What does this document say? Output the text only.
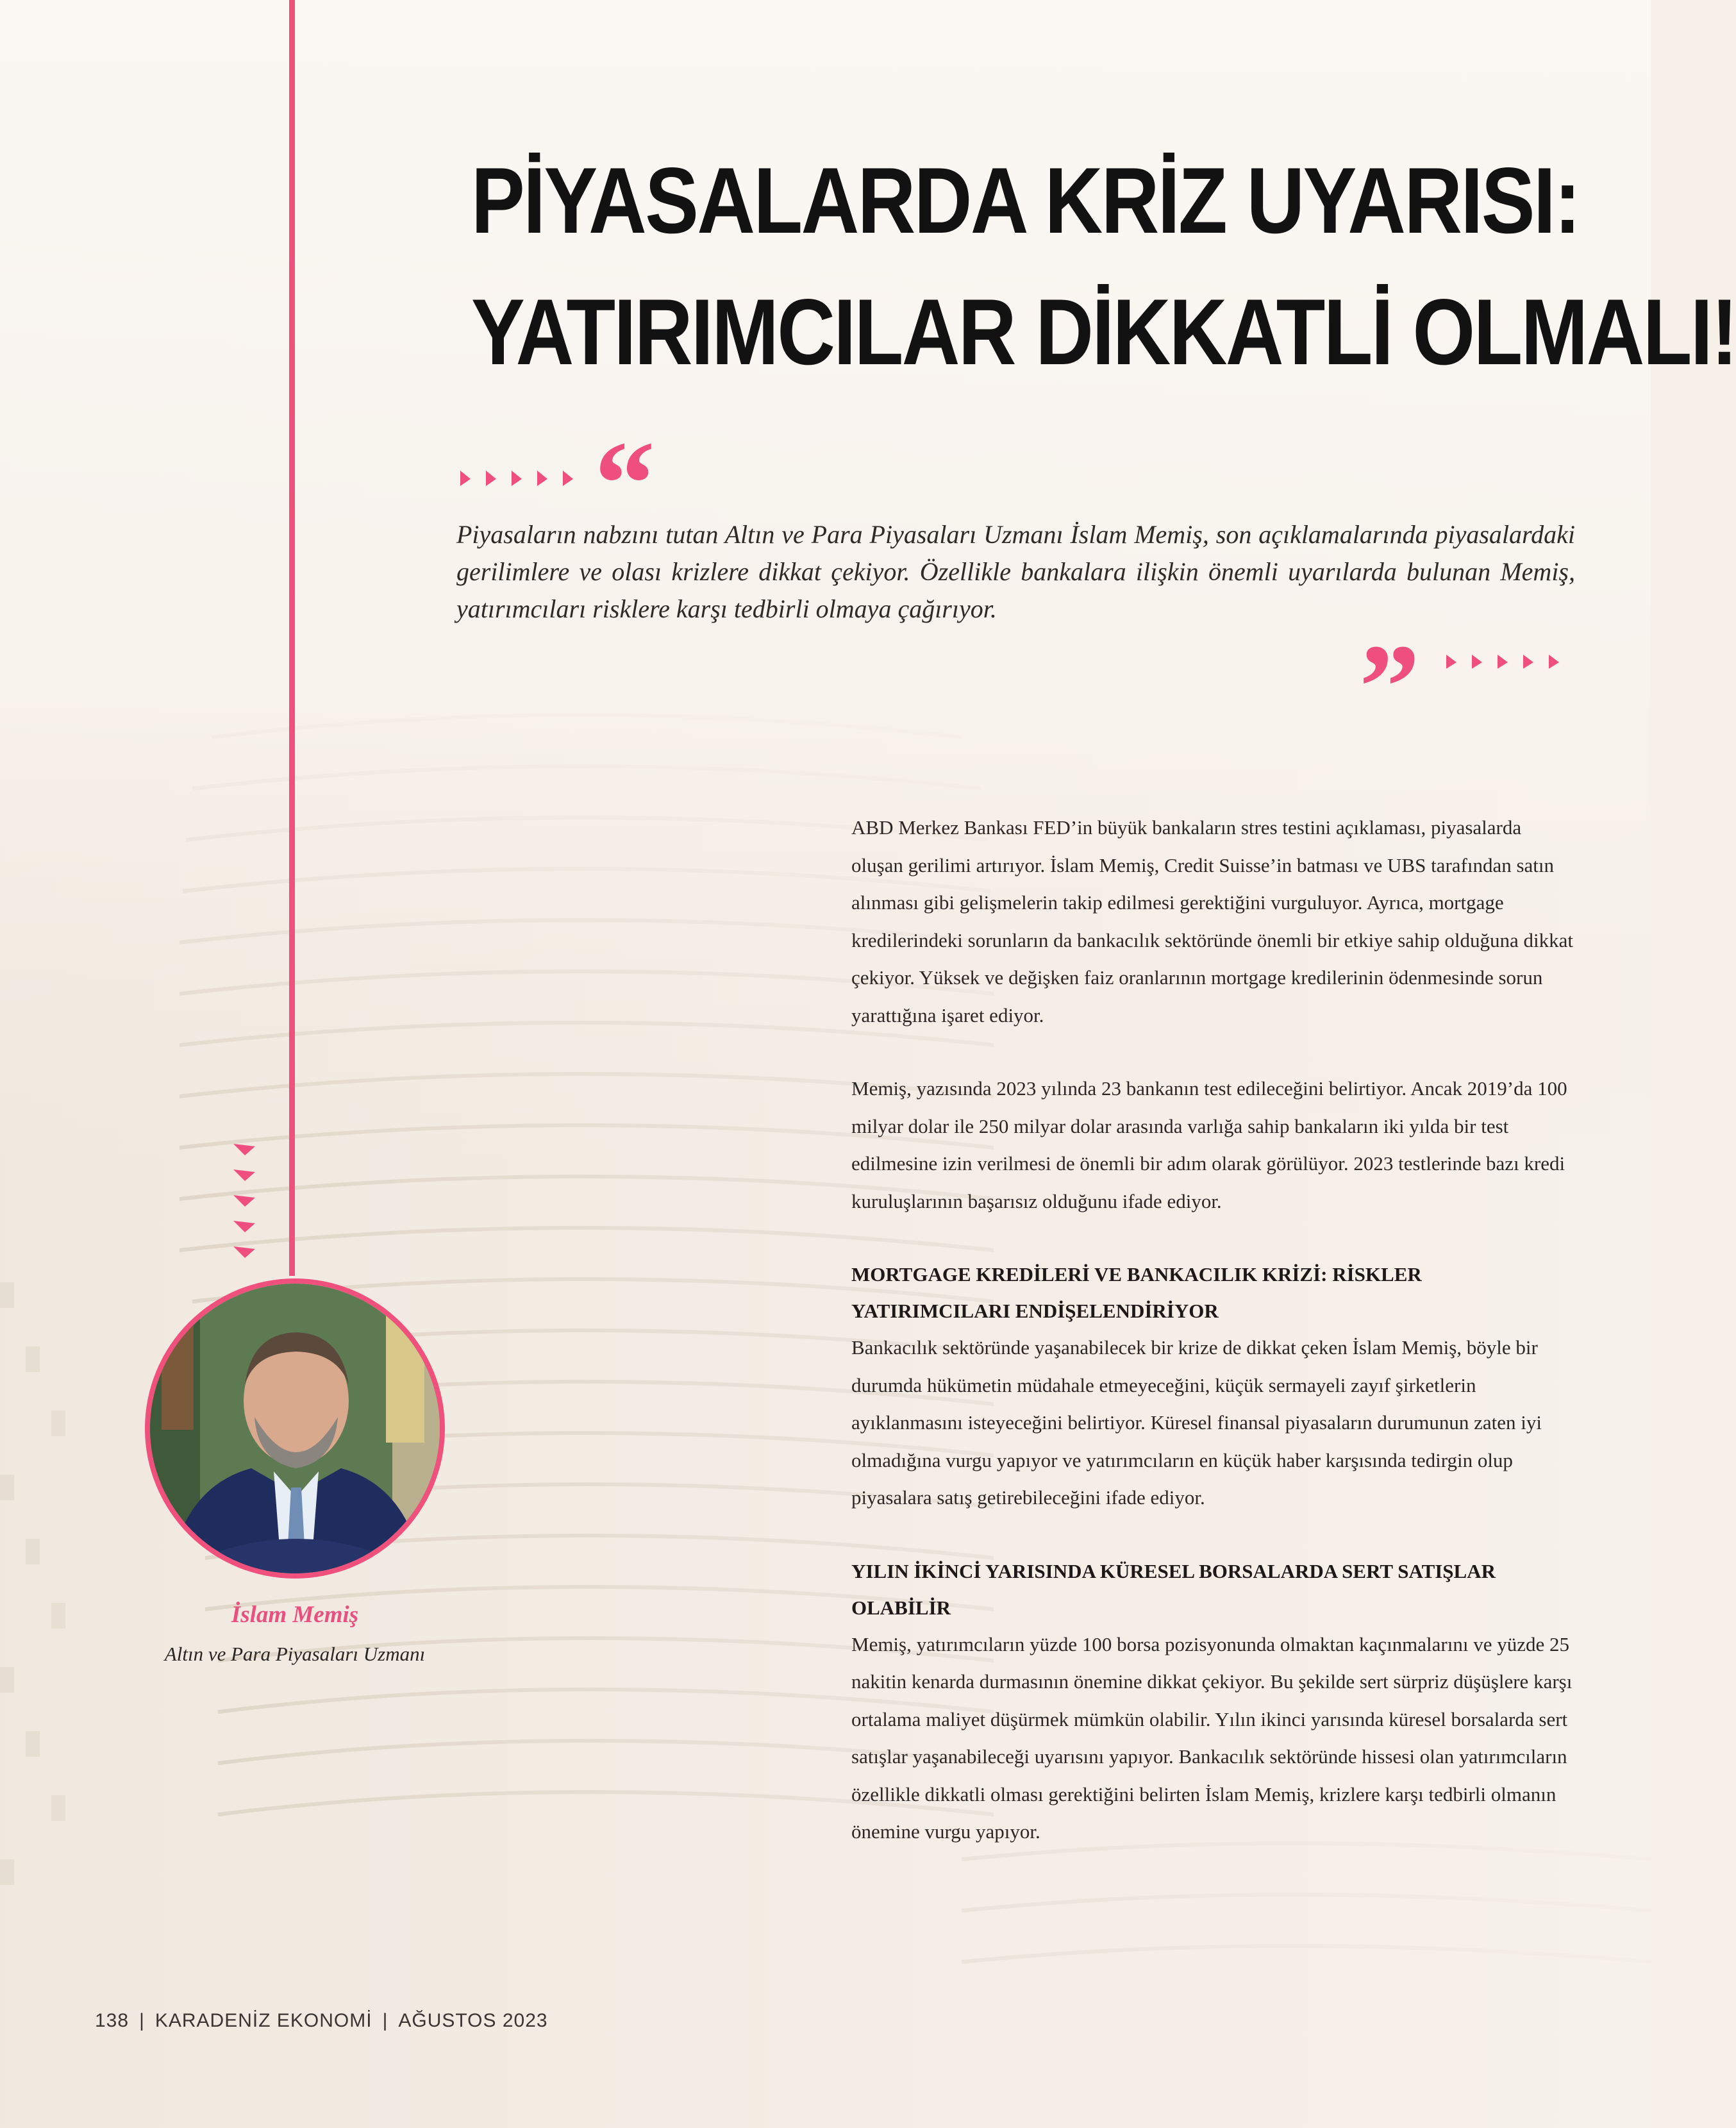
PİYASALARDA KRİZ UYARISI:
YATIRIMCILAR DİKKATLİ OLMALI!
“

Piyasaların nabzını tutan Altın ve Para Piyasaları Uzmanı İslam Memiş, son açıklamalarında piyasalardaki gerilimlere ve olası krizlere dikkat çekiyor. Özellikle bankalara ilişkin önemli uyarılarda bulunan Memiş, yatırımcıları risklere karşı tedbirli olmaya çağırıyor.

”

ABD Merkez Bankası FED’in büyük bankaların stres testini açıklaması, piyasalarda oluşan gerilimi artırıyor. İslam Memiş, Credit Suisse’in batması ve UBS tarafından satın alınması gibi gelişmelerin takip edilmesi gerektiğini vurguluyor. Ayrıca, mortgage kredilerindeki sorunların da bankacılık sektöründe önemli bir etkiye sahip olduğuna dikkat çekiyor. Yüksek ve değişken faiz oranlarının mortgage kredilerinin ödenmesinde sorun yarattığına işaret ediyor.

Memiş, yazısında 2023 yılında 23 bankanın test edileceğini belirtiyor. Ancak 2019’da 100 milyar dolar ile 250 milyar dolar arasında varlığa sahip bankaların iki yılda bir test edilmesine izin verilmesi de önemli bir adım olarak görülüyor. 2023 testlerinde bazı kredi kuruluşlarının başarısız olduğunu ifade ediyor.

MORTGAGE KREDİLERİ VE BANKACILIK KRİZİ: RİSKLER YATIRIMCILARI ENDİŞELENDİRİYOR

Bankacılık sektöründe yaşanabilecek bir krize de dikkat çeken İslam Memiş, böyle bir durumda hükümetin müdahale etmeyeceğini, küçük sermayeli zayıf şirketlerin ayıklanmasını isteyeceğini belirtiyor. Küresel finansal piyasaların durumunun zaten iyi olmadığına vurgu yapıyor ve yatırımcıların en küçük haber karşısında tedirgin olup piyasalara satış getirebileceğini ifade ediyor.

YILIN İKİNCİ YARISINDA KÜRESEL BORSALARDA SERT SATIŞLAR OLABİLİR

Memiş, yatırımcıların yüzde 100 borsa pozisyonunda olmaktan kaçınmalarını ve yüzde 25 nakitin kenarda durmasının önemine dikkat çekiyor. Bu şekilde sert sürpriz düşüşlere karşı ortalama maliyet düşürmek mümkün olabilir. Yılın ikinci yarısında küresel borsalarda sert satışlar yaşanabileceği uyarısını yapıyor. Bankacılık sektöründe hissesi olan yatırımcıların özellikle dikkatli olması gerektiğini belirten İslam Memiş, krizlere karşı tedbirli olmanın önemine vurgu yapıyor.

İslam Memiş
Altın ve Para Piyasaları Uzmanı
138 | KARADENİZ EKONOMİ | AĞUSTOS 2023
